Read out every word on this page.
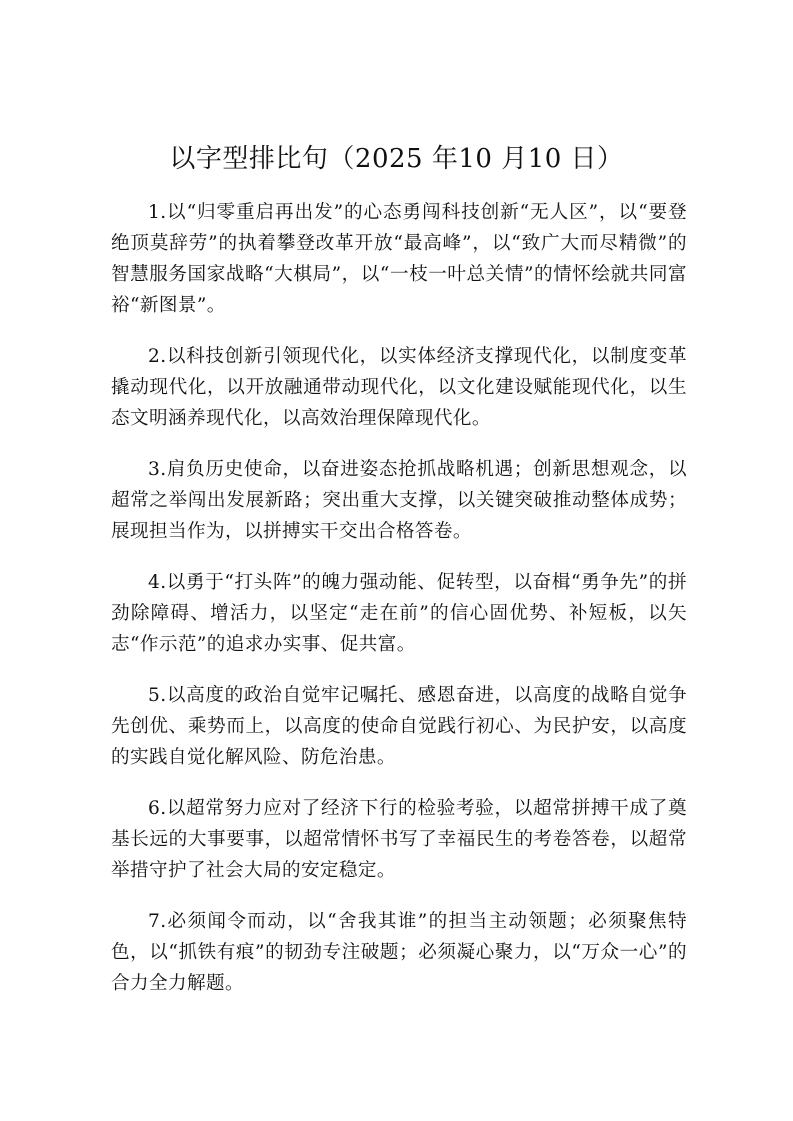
以字型排比句（2025 年10 月10 日）

1.以“归零重启再出发”的心态勇闯科技创新“无人区”，以“要登绝顶莫辞劳”的执着攀登改革开放“最高峰”，以“致广大而尽精微”的智慧服务国家战略“大棋局”，以“一枝一叶总关情”的情怀绘就共同富裕“新图景”。

2.以科技创新引领现代化，以实体经济支撑现代化，以制度变革撬动现代化，以开放融通带动现代化，以文化建设赋能现代化，以生态文明涵养现代化，以高效治理保障现代化。

3.肩负历史使命，以奋进姿态抢抓战略机遇；创新思想观念，以超常之举闯出发展新路；突出重大支撑，以关键突破推动整体成势；展现担当作为，以拼搏实干交出合格答卷。

4.以勇于“打头阵”的魄力强动能、促转型，以奋楫“勇争先”的拼劲除障碍、增活力，以坚定“走在前”的信心固优势、补短板，以矢志“作示范”的追求办实事、促共富。

5.以高度的政治自觉牢记嘱托、感恩奋进，以高度的战略自觉争先创优、乘势而上，以高度的使命自觉践行初心、为民护安，以高度的实践自觉化解风险、防危治患。

6.以超常努力应对了经济下行的检验考验，以超常拼搏干成了奠基长远的大事要事，以超常情怀书写了幸福民生的考卷答卷，以超常举措守护了社会大局的安定稳定。

7.必须闻令而动，以“舍我其谁”的担当主动领题；必须聚焦特色，以“抓铁有痕”的韧劲专注破题；必须凝心聚力，以“万众一心”的合力全力解题。
